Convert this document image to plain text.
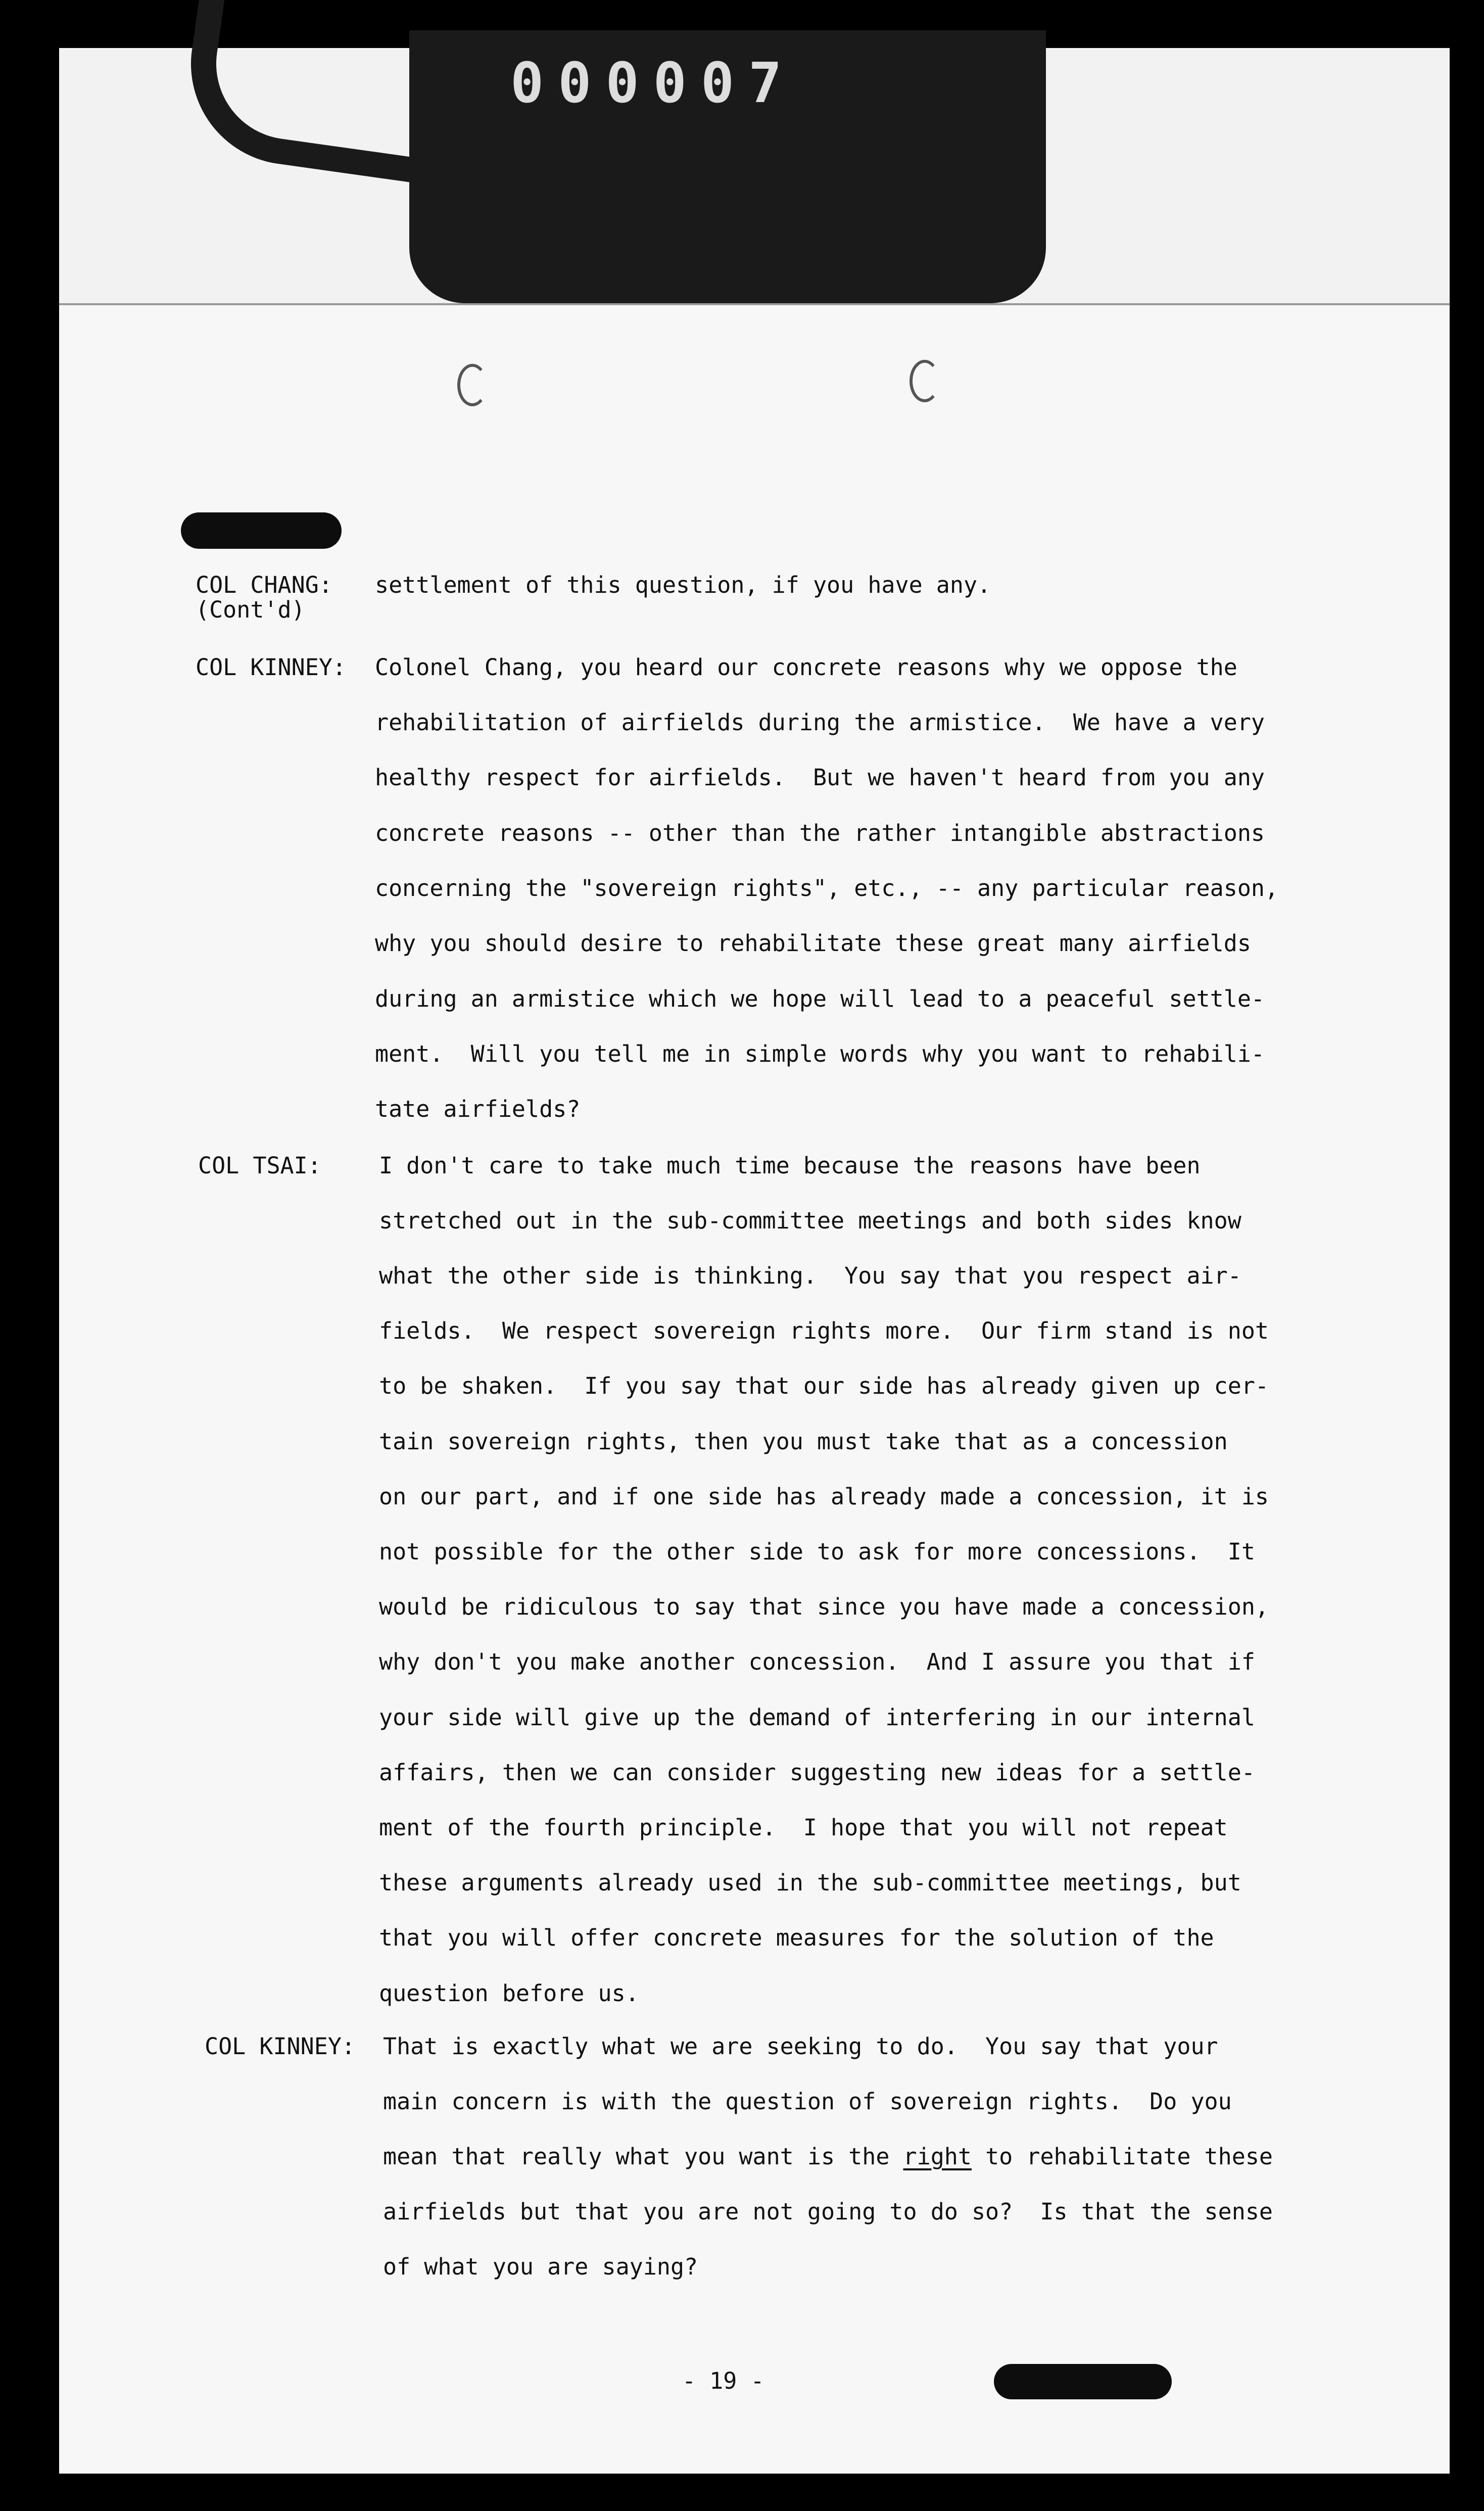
000007
COL CHANG:
(Cont'd)
settlement of this question, if you have any.
COL KINNEY: Colonel Chang, you heard our concrete reasons why we oppose the
rehabilitation of airfields during the armistice.  We have a very
healthy respect for airfields.  But we haven't heard from you any
concrete reasons -- other than the rather intangible abstractions
concerning the "sovereign rights", etc., -- any particular reason,
why you should desire to rehabilitate these great many airfields
during an armistice which we hope will lead to a peaceful settle-
ment.  Will you tell me in simple words why you want to rehabili-
tate airfields?
COL TSAI:	I don't care to take much time because the reasons have been
stretched out in the sub-committee meetings and both sides know
what the other side is thinking.  You say that you respect air-
fields.  We respect sovereign rights more.  Our firm stand is not
to be shaken.  If you say that our side has already given up cer-
tain sovereign rights, then you must take that as a concession
on our part, and if one side has already made a concession, it is
not possible for the other side to ask for more concessions.  It
would be ridiculous to say that since you have made a concession,
why don't you make another concession.  And I assure you that if
your side will give up the demand of interfering in our internal
affairs, then we can consider suggesting new ideas for a settle-
ment of the fourth principle.  I hope that you will not repeat
these arguments already used in the sub-committee meetings, but
that you will offer concrete measures for the solution of the
question before us.
COL KINNEY: That is exactly what we are seeking to do.  You say that your
main concern is with the question of sovereign rights.  Do you
mean that really what you want is the right to rehabilitate these
airfields but that you are not going to do so?  Is that the sense
of what you are saying?
- 19 -
